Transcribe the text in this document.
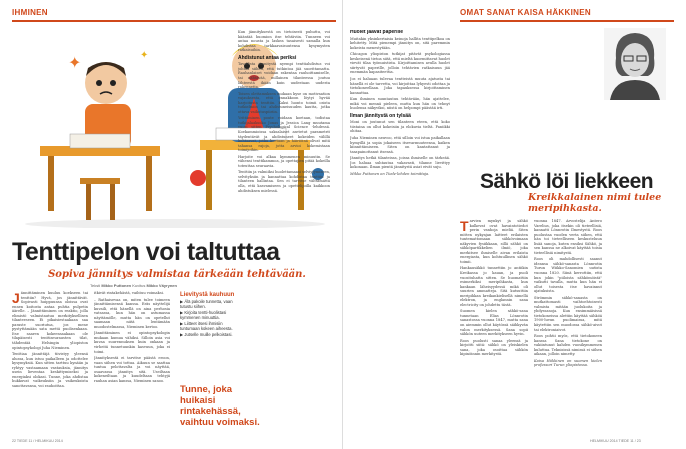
IHMINEN
✦	✦
Tenttipelon voi taltuttaa
Sopiva jännitys valmistaa tärkeään tehtävään.
Teksti Mikko Puttonen Kuvitus Mikko Väyrynen

Jännittäminen kuuluu koekseen tai tenttiin? Hyvä, jos jännittävät. Sopivasti huippuunsa oloissa ovat ennen koitosta antaa puhtia pulpetin äärelle. – Jännittäminen on reaktio, jolla elimistö valmistautuu merkityksellisen tilanteeseen. Ei pikaisiestaakaan saa paraste suoriutua, jos mene pystyttämään sata mettä puolisenkaan. Itse saaren kokeensaakaan ole tilapäisesti tenttiseurausten tilat, tähdentää Helsingin yliopiston opintopsykologi Juha Nieminen.

Tenttiaa jännittäjä tiivistyy yleensä alussa, kun istuu paikalleen ja odottelee kysymyksiä. Kun sitten tarttuu kynään ja ryhtyy vastaamaan vastauksia, jännitys usein lieventaa keskittymiseksi ja energiaksi olokasi. Tunne, joka ahdistaa hukkuvat vaikeuksiin ja vaikeuksista sanottavansa, voi rauhoittaa.

itkivät rintakehästä, vaihtuu voimaksi.

– Rathaisevaa on, miten tulee toimeen jännittämisensä kanssa. Eräs näyttelijä kuvaili, että hänellä on aina perhosia vatsassa, kun hän on astumassa näyttämölle, mutta hän on opetellut saamaan niitä lentämään muodostelmassa, Nieminen kertoo.

Jännittäminen ei opintopsykologin mukaan kumua vähiksi. Silloin asia voi kuvaa suurennuksen kuin onkaan ja virheitä tunnetuunkin kasvuun, joka ei toimi.

Jännityksestä ei tarvitse päästä eroon, vaan siihen voi tottua. Aikuun se saattaa tuntua pelottavalta ja voi näyttää, osaavassa jännitys sitä. Useiltaan kokeneiltaan ja kuudeltaan tehtyjä rauhan asian kanssa, Nieminen sanoo.

Lievitystä kauhuun
▶ Älä pakoile tunnetta, vaan tutustu siihen.
▶ Kirjoita tentti-huolistasi kymmenen minuuttia.
▶ Liitteet itsesi ihmisiin tuntumaan kokeen aiheesta.
▶ Jutselle muille pelkoistasi.
Tunne, joka huikaisi rintakehässä, vaihtuu voimaksi.

Kun jännityksestä on tietoisesti puhuttu, voi kääntää huomion itse tehtäviin. Tunneen voi antaa nousta ja laskea tasaisesti samalla kun kohdistaa tarkkaavaisuutensa kysymysten ratkaisuihin.

Ahdistunut antaa periksi

Tavallista jännitystä nyempi tenttiahdistus voi johtaa siihen, että tutkintoa jää suorittamatta. Rauhanlaiset voidaan rakentaa rauhoittamiselle, tai nähtävää, millainen tilanteessa joutuu lähteestä ikään kuin uudestaan uudesta rakennetta.

Toisen olettamuksen mukaan kyse on motivaation vajauksesta, että ennakkoon löytyi hyvää harjoitusta tenttiin. Kaksi luonto toimii osista tutkielmiin tai ahdistuneisuuden kautta, jotka ottava vaikutuspiiriin.

Yrittäminen poute voidaan koetaan, todistaa tutkijalaaksoko Jonas ja Jessica Lang muutama vuosi sitten Psychological Science -lehdessä. Koekammioissa saksalaiset asetetut parametrit täydentävät ja ahdistuneet kokeiden välillä kohtaavat, jotka koetaan ja häiriöinä olivat mitä tahansa rajoja, jotta arvioi kokemistaan toimijoihin.

Harjoite voi alkaa kymmenen minuutin. Se vähensi tenttikammoa, ja opettajien pitää kokeilla toteuttaa seuraavia.

Tenttiin ja valmiiksi huolettamaasi selviytymiseen, selvityksiin ja kannattaa kohdistaa tenttiin ja tilanteen hallintaa. Sen ei tarvitse välttämättä olla, että kasvamiseen ja opettelijoilla kaikkoon ahdistuksen mielessä.

22 TIEDE 11 / HELMIKUU 2014
Huolet jäävät paperille

Muitakin yksinkertaisia keinoja hallita tenttipelkoa on kehitetty. Mitä pienempi jännitys on, sitä paremmin kokeista menestytään.

Chicagon yliopiston tutkijat pitävät psykologiassa keskeisenä tietoa siitä, että mieltä kuormittavat huolet vievät tilaa työmuistista. Kirjoittamisen avulla huolet siirtyvät paperille, jolloin tehtävien ratkaisuun jää enemmän kapasiteettia.

Jos ei haluaan tulevaa tentteistä muuta ajatusta tai hänellä ei ole tarvetta, voi kirjoittaa lyhyesti odottaa ja tietokoneellaan. Joka tapauksessa kirjoittaminen kannattaa.

Kun ihminen suuntautuu tehtävään, hän ajattelee, mikä voi mennä pieleen, mutta kun hän on tehnyt huolensa näkyviksi, niistä on helpompi päästää irti.

Ilman jännitystä on tylsää

Moni on joutunut sen tilanteen eteen, että koko tiistaina on ollut kokeisiin ja elokuvia tieltä. Paniikki ohitaa.

Juha Nieminen neuvoo, että silloin voi istua paikallaan hymyillä ja sopia jokaiseen itsevarmuuteensa, kaiken kiinnittämiseen. Siten on kantattanut ja tasapainottanut itsensä.

Jännitys hetkä tilanteissa, joissa ihmiselle on tärkeää. Jos haluaa suhtautua vakavasti, tilanne lievittyy kokonaan. Ilman pientä jännitystä asiat eivät suju.

Mikko Puttonen on Tiede-lehden toimittaja.

OMAT SANAT KAISA HÄKKINEN
Sähkö löi liekkeen
Kreikkalainen nimi tulee meripihkasta.

Tarvien mynkyt ja sähkö kulkevat ovat havaintotiedot perin vanhoja mieliä. Siten mitten nykyajan laitteet erilaisten tuntemattomaan sähkövoimaan näkyvien fysiikkaan, sillä sähkö on sähköpartikkelien ilmiö, joka merkitsee ihmiselle aivan erilaista energiasta, kun kohtuullinen sähkö toimii.

Hankausäkkö tunnettiin jo antiikin Kreikassa jo kauan, ja puoli vuosituhatta sitten. Se huomattiin esimerkiksi meripihkasta, kun kankaan läheisyydessä mikä oli suurien ammatteja. Sitä kutsuttiin meripihkan kreikankielisellä nimellä elektron, ja englannin sana electricity on johdettu tästä.

Suomen kielen sähkö-sana tunnetaan Elias Lönnrotin sanastossa vuonna 1847, mutta sana on aiemmin ollut käytössä säihkyvän valon merkityksessä. Sana sopii sähkön uuteen merkitykseen hyvin.

Roos puolusti sanaa yleensä ja kirjoitti siitä: sähkö on yleiskielen sana, joka osoittaa sähkön kipinöinnin merkitystä.

vuonna 1847. Arvostelija Antero Varelius, joka itsekin oli tieteellisiä, kannatti Lönnrotin Ilmestystä. Roos puolustaa vuoden verta siihen, että hän toi tieteelliseen keskusteluun lisää sanoja, kuten ensiksi Sähkö, ja sen kanssa ne alkoivat käyttää toisia tieteellisiä nimitystä.

Roos oli mahdollisesti saanut ideansa sähkö-sanasta Lönnrotin Turun Wiikko-Sanomien uutista vuonna 1820. Siinä kerrottiin, että kun jokin "piiloista sähkömöistä" vaikutti tavalla, mutta kun hän ei ollut toisesta itse havainnut ajatuksista.

Strömmin sähkö-sanasta on mutkattomasti vaihtoehtoisesti valmista mitään juolukoita ja yhdyssanoja. Kun ensimmäisissä tietokoneissa alettiin käyttää sähköä 1900-luvun puolimaissa, mitä käytettiin sen muodossa sähkö-aivot tai elektroniaivot.

Roos pohtii myös, että tietokoneen kanssa Sana tietokone on vakiintunut kahden vuosikymmenen kuluttua. Teknisissä nimissä ei siihen aikaan, jolloin nimetty.

Kaisa Häkkinen on suomen kielen professori Turun yliopistossa.

HELMIKUU 2014 TIEDE 11 / 23
